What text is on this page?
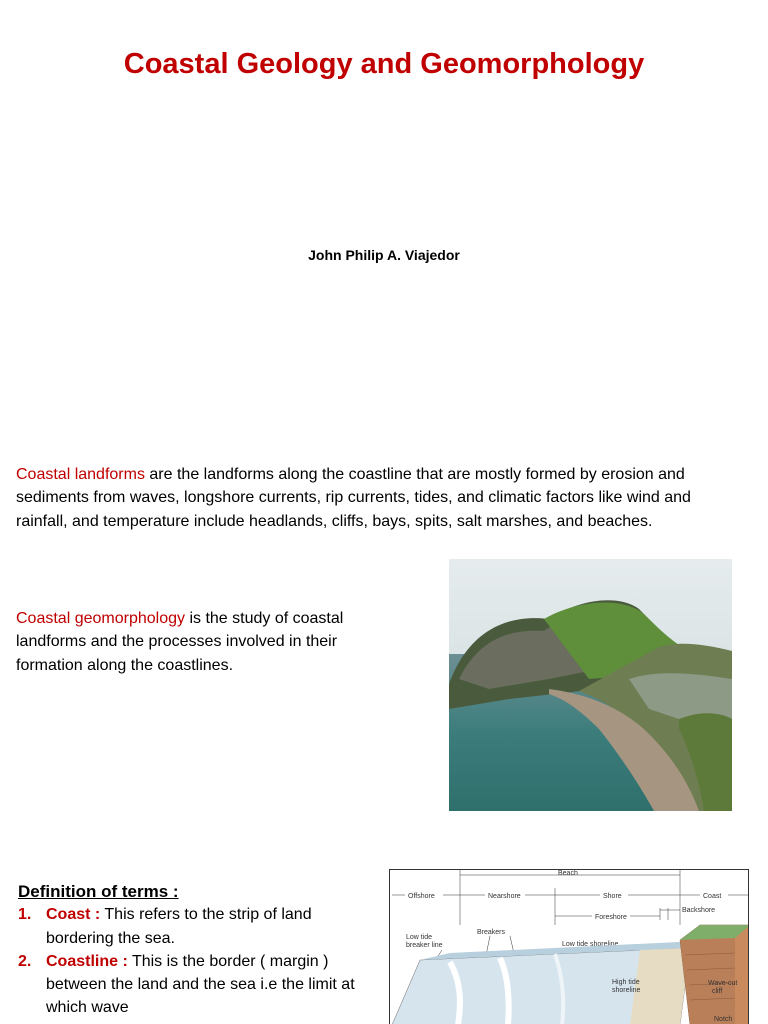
Coastal Geology and Geomorphology
John Philip A. Viajedor
Coastal landforms are the landforms along the coastline that are mostly formed by erosion and sediments from waves, longshore currents, rip currents, tides, and climatic factors like wind and rainfall, and temperature include headlands, cliffs, bays, spits, salt marshes, and beaches.
Coastal geomorphology is the study of coastal landforms and the processes involved in their formation along the coastlines.
Definition of terms :
1. Coast : This refers to the strip of land bordering the sea.
2. Coastline : This is the border ( margin ) between the land and the sea i.e the limit at which wave
Beach
Offshore	Nearshore	Shore	Coast
Foreshore
Backshore
Low tide
breaker line
Breakers
Low tide shoreline
High tide
shoreline
Wave-cut
cliff
Notch
